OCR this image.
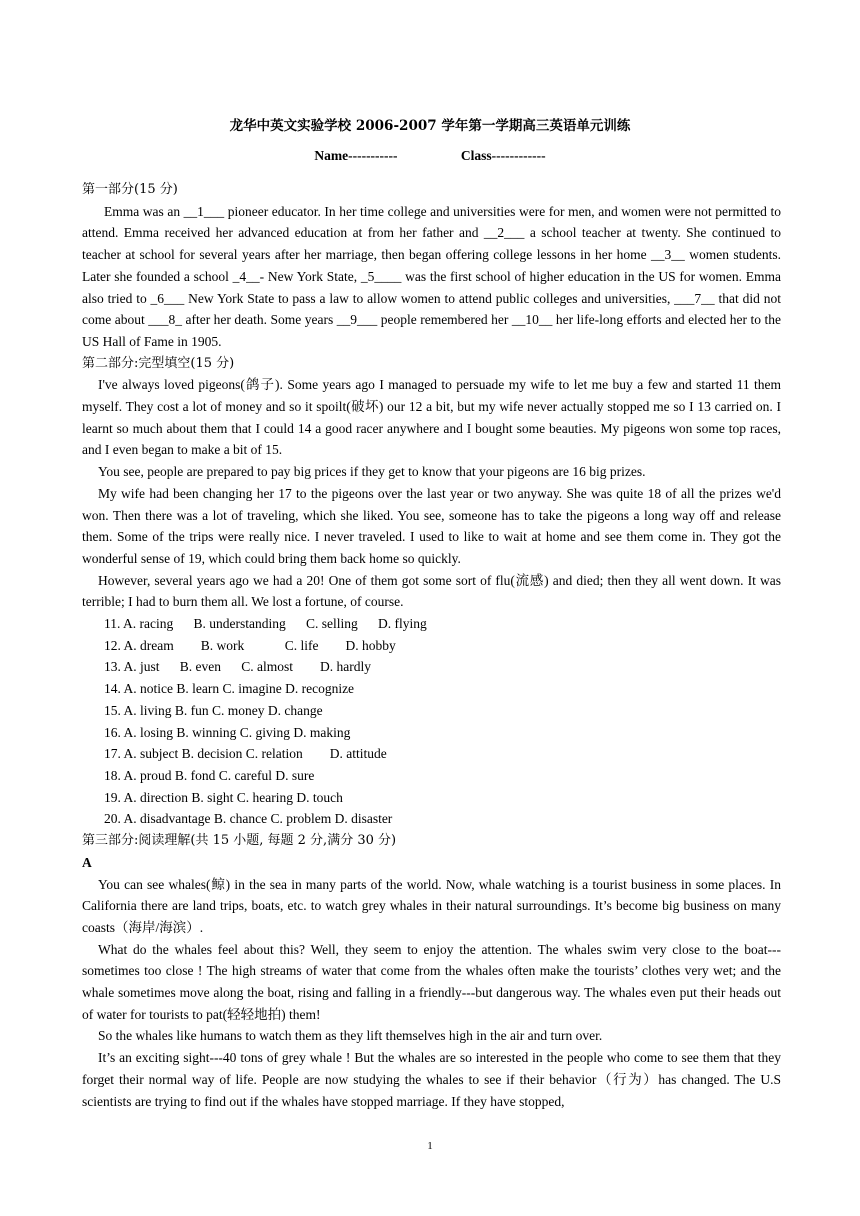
龙华中英文实验学校 2006-2007 学年第一学期高三英语单元训练
Name-----------	Class------------

第一部分(15 分)

Emma was an __1___ pioneer educator. In her time college and universities were for men, and women were not permitted to attend. Emma received her advanced education at from her father and __2___ a school teacher at twenty. She continued to teacher at school for several years after her marriage, then began offering college lessons in her home __3__ women students. Later she founded a school _4__- New York State, _5____ was the first school of higher education in the US for women. Emma also tried to _6___ New York State to pass a law to allow women to attend public colleges and universities, ___7__ that did not come about ___8_ after her death. Some years __9___ people remembered her __10__ her life-long efforts and elected her to the US Hall of Fame in 1905.

第二部分:完型填空(15 分)

I've always loved pigeons(鸽子). Some years ago I managed to persuade my wife to let me buy a few and started 11 them myself. They cost a lot of money and so it spoilt(破坏) our 12 a bit, but my wife never actually stopped me so I 13 carried on. I learnt so much about them that I could 14 a good racer anywhere and I bought some beauties. My pigeons won some top races, and I even began to make a bit of 15.

You see, people are prepared to pay big prices if they get to know that your pigeons are 16 big prizes.

My wife had been changing her 17 to the pigeons over the last year or two anyway. She was quite 18 of all the prizes we'd won. Then there was a lot of traveling, which she liked. You see, someone has to take the pigeons a long way off and release them. Some of the trips were really nice. I never traveled. I used to like to wait at home and see them come in. They got the wonderful sense of 19, which could bring them back home so quickly.

However, several years ago we had a 20! One of them got some sort of flu(流感) and died; then they all went down. It was terrible; I had to burn them all. We lost a fortune, of course.

11. A. racing      B. understanding      C. selling      D. flying

12. A. dream        B. work            C. life        D. hobby

13. A. just      B. even      C. almost        D. hardly

14. A. notice B. learn C. imagine D. recognize

15. A. living B. fun C. money D. change

16. A. losing B. winning C. giving D. making

17. A. subject B. decision C. relation        D. attitude

18. A. proud B. fond C. careful D. sure

19. A. direction B. sight C. hearing D. touch

20. A. disadvantage B. chance C. problem D. disaster

第三部分:阅读理解(共 15 小题, 每题 2 分,满分 30 分)

A

You can see whales(鲸) in the sea in many parts of the world. Now, whale watching is a tourist business in some places. In California there are land trips, boats, etc. to watch grey whales in their natural surroundings. It’s become big business on many coasts（海岸/海滨）.

What do the whales feel about this? Well, they seem to enjoy the attention. The whales swim very close to the boat---sometimes too close ! The high streams of water that come from the whales often make the tourists’ clothes very wet; and the whale sometimes move along the boat, rising and falling in a friendly---but dangerous way. The whales even put their heads out of water for tourists to pat(轻轻地拍) them!

So the whales like humans to watch them as they lift themselves high in the air and turn over.

It’s an exciting sight---40 tons of grey whale ! But the whales are so interested in the people who come to see them that they forget their normal way of life. People are now studying the whales to see if their behavior（行为）has changed. The U.S scientists are trying to find out if the whales have stopped marriage. If they have stopped,

1
